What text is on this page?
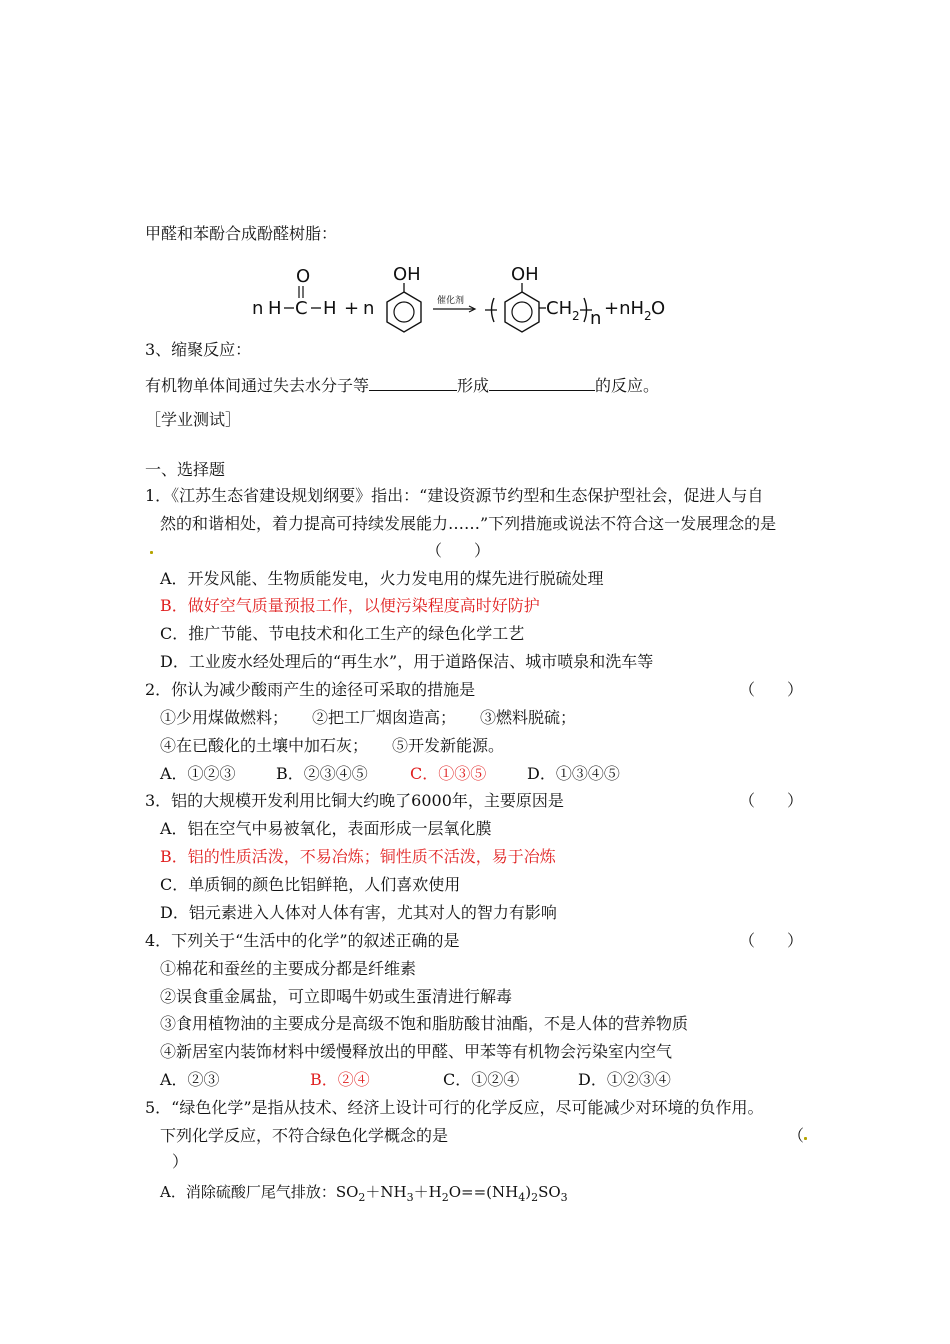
甲醛和苯酚合成酚醛树脂：
n H
O
C H + n
OH
催化剂
OH
CH 2 n +nH 2 O
3、缩聚反应：
有机物单体间通过失去水分子等	形成	的反应。
［学业测试］
一、选择题
1．《江苏生态省建设规划纲要》指出：“建设资源节约型和生态保护型社会，促进人与自
然的和谐相处，着力提高可持续发展能力……”下列措施或说法不符合这一发展理念的是
（　　）
A．开发风能、生物质能发电，火力发电用的煤先进行脱硫处理
B．做好空气质量预报工作，以便污染程度高时好防护
C．推广节能、节电技术和化工生产的绿色化学工艺
D．工业废水经处理后的“再生水”，用于道路保洁、城市喷泉和洗车等
2．你认为减少酸雨产生的途径可采取的措施是	（　　）
①少用煤做燃料；　　②把工厂烟囱造高；　　③燃料脱硫；
④在已酸化的土壤中加石灰；　　⑤开发新能源。
A．①②③	B．②③④⑤	C．①③⑤	D．①③④⑤
3．铝的大规模开发利用比铜大约晚了6000年，主要原因是	（　　）
A．铝在空气中易被氧化，表面形成一层氧化膜
B．铝的性质活泼，不易冶炼；铜性质不活泼，易于冶炼
C．单质铜的颜色比铝鲜艳，人们喜欢使用
D．铝元素进入人体对人体有害，尤其对人的智力有影响
4．下列关于“生活中的化学”的叙述正确的是	（　　）
①棉花和蚕丝的主要成分都是纤维素
②误食重金属盐，可立即喝牛奶或生蛋清进行解毒
③食用植物油的主要成分是高级不饱和脂肪酸甘油酯，不是人体的营养物质
④新居室内装饰材料中缓慢释放出的甲醛、甲苯等有机物会污染室内空气
A．②③	B．②④	C．①②④	D．①②③④
5．“绿色化学”是指从技术、经济上设计可行的化学反应，尽可能减少对环境的负作用。
下列化学反应，不符合绿色化学概念的是	（
）
A．消除硫酸厂尾气排放：$SO_2+NH_3+H_2O==(NH_4)_2SO_3$
